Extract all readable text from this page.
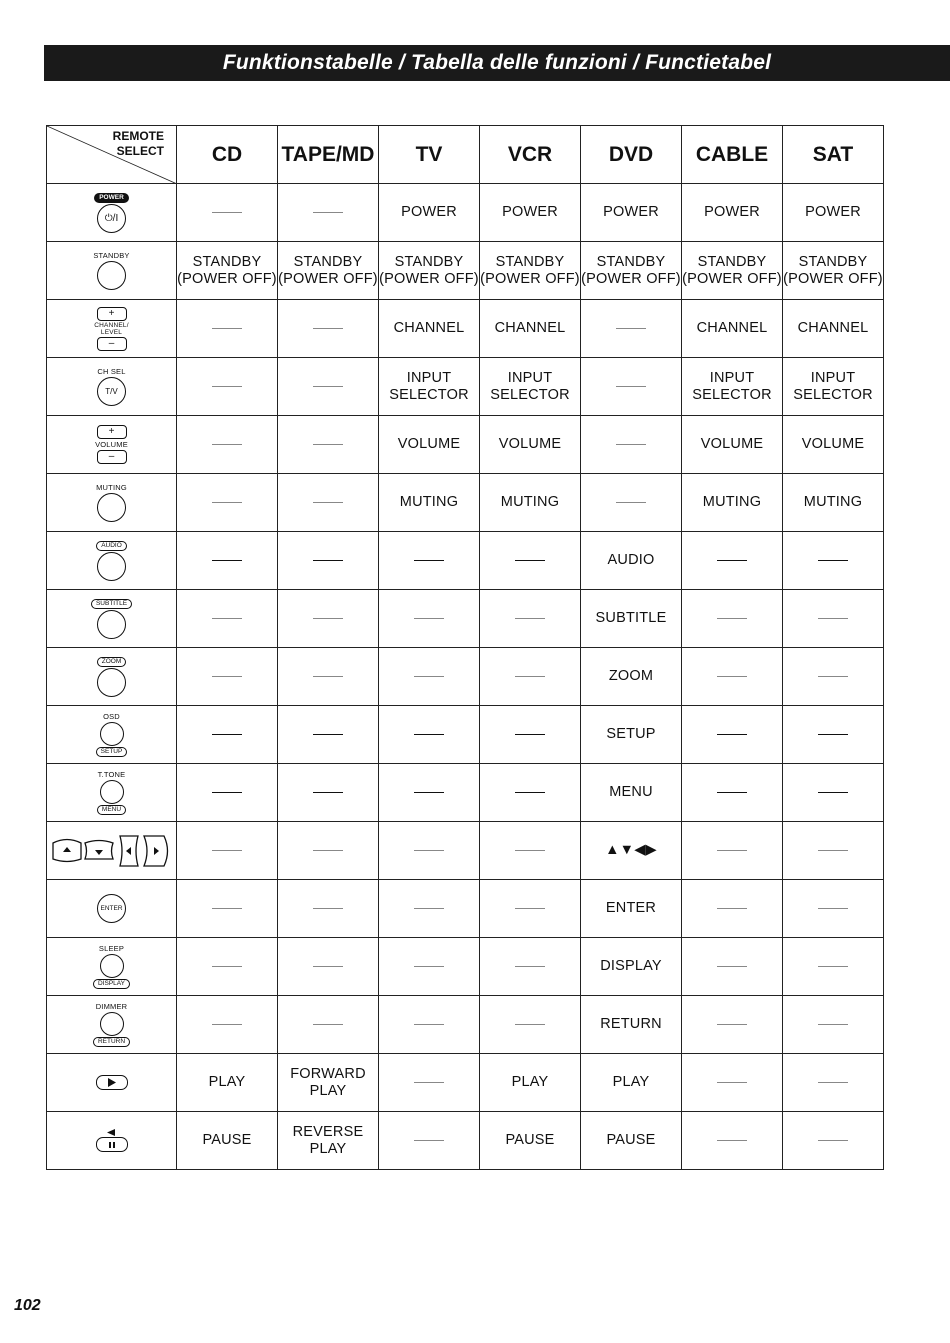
Funktionstabelle / Tabella delle funzioni / Functietabel
REMOTE
SELECT	CD	TAPE/MD	TV	VCR	DVD	CABLE	SAT

POWER
⏻/I			POWER	POWER	POWER	POWER	POWER

STANDBY	STANDBY (POWER OFF)	STANDBY (POWER OFF)	STANDBY (POWER OFF)	STANDBY (POWER OFF)	STANDBY (POWER OFF)	STANDBY (POWER OFF)	STANDBY (POWER OFF)

+
CHANNEL/ LEVEL
–			CHANNEL	CHANNEL		CHANNEL	CHANNEL

CH SEL
T/V			INPUT SELECTOR	INPUT SELECTOR		INPUT SELECTOR	INPUT SELECTOR

+
VOLUME
–			VOLUME	VOLUME		VOLUME	VOLUME

MUTING			MUTING	MUTING		MUTING	MUTING

AUDIO					AUDIO		

SUBTITLE					SUBTITLE		

ZOOM					ZOOM		

OSD
SETUP					SETUP		

T.TONE
MENU					MENU		

					▲▼◀▶		

ENTER					ENTER		

SLEEP
DISPLAY					DISPLAY		

DIMMER
RETURN					RETURN		

	PLAY	FORWARD PLAY		PLAY	PLAY		

	PAUSE	REVERSE PLAY		PAUSE	PAUSE		
102
